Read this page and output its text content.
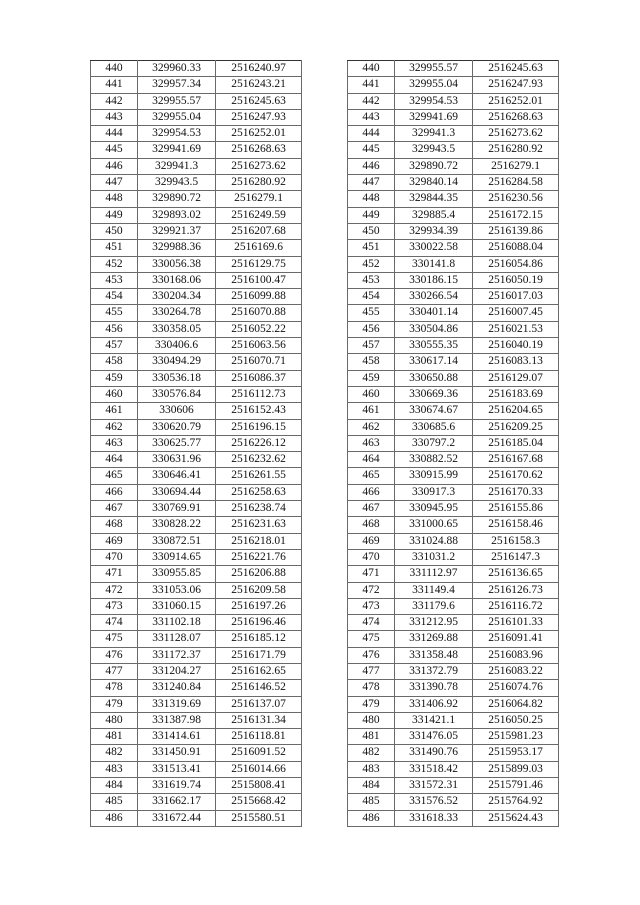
440	329960.33	2516240.97
441	329957.34	2516243.21
442	329955.57	2516245.63
443	329955.04	2516247.93
444	329954.53	2516252.01
445	329941.69	2516268.63
446	329941.3	2516273.62
447	329943.5	2516280.92
448	329890.72	2516279.1
449	329893.02	2516249.59
450	329921.37	2516207.68
451	329988.36	2516169.6
452	330056.38	2516129.75
453	330168.06	2516100.47
454	330204.34	2516099.88
455	330264.78	2516070.88
456	330358.05	2516052.22
457	330406.6	2516063.56
458	330494.29	2516070.71
459	330536.18	2516086.37
460	330576.84	2516112.73
461	330606	2516152.43
462	330620.79	2516196.15
463	330625.77	2516226.12
464	330631.96	2516232.62
465	330646.41	2516261.55
466	330694.44	2516258.63
467	330769.91	2516238.74
468	330828.22	2516231.63
469	330872.51	2516218.01
470	330914.65	2516221.76
471	330955.85	2516206.88
472	331053.06	2516209.58
473	331060.15	2516197.26
474	331102.18	2516196.46
475	331128.07	2516185.12
476	331172.37	2516171.79
477	331204.27	2516162.65
478	331240.84	2516146.52
479	331319.69	2516137.07
480	331387.98	2516131.34
481	331414.61	2516118.81
482	331450.91	2516091.52
483	331513.41	2516014.66
484	331619.74	2515808.41
485	331662.17	2515668.42
486	331672.44	2515580.51
440	329955.57	2516245.63
441	329955.04	2516247.93
442	329954.53	2516252.01
443	329941.69	2516268.63
444	329941.3	2516273.62
445	329943.5	2516280.92
446	329890.72	2516279.1
447	329840.14	2516284.58
448	329844.35	2516230.56
449	329885.4	2516172.15
450	329934.39	2516139.86
451	330022.58	2516088.04
452	330141.8	2516054.86
453	330186.15	2516050.19
454	330266.54	2516017.03
455	330401.14	2516007.45
456	330504.86	2516021.53
457	330555.35	2516040.19
458	330617.14	2516083.13
459	330650.88	2516129.07
460	330669.36	2516183.69
461	330674.67	2516204.65
462	330685.6	2516209.25
463	330797.2	2516185.04
464	330882.52	2516167.68
465	330915.99	2516170.62
466	330917.3	2516170.33
467	330945.95	2516155.86
468	331000.65	2516158.46
469	331024.88	2516158.3
470	331031.2	2516147.3
471	331112.97	2516136.65
472	331149.4	2516126.73
473	331179.6	2516116.72
474	331212.95	2516101.33
475	331269.88	2516091.41
476	331358.48	2516083.96
477	331372.79	2516083.22
478	331390.78	2516074.76
479	331406.92	2516064.82
480	331421.1	2516050.25
481	331476.05	2515981.23
482	331490.76	2515953.17
483	331518.42	2515899.03
484	331572.31	2515791.46
485	331576.52	2515764.92
486	331618.33	2515624.43
